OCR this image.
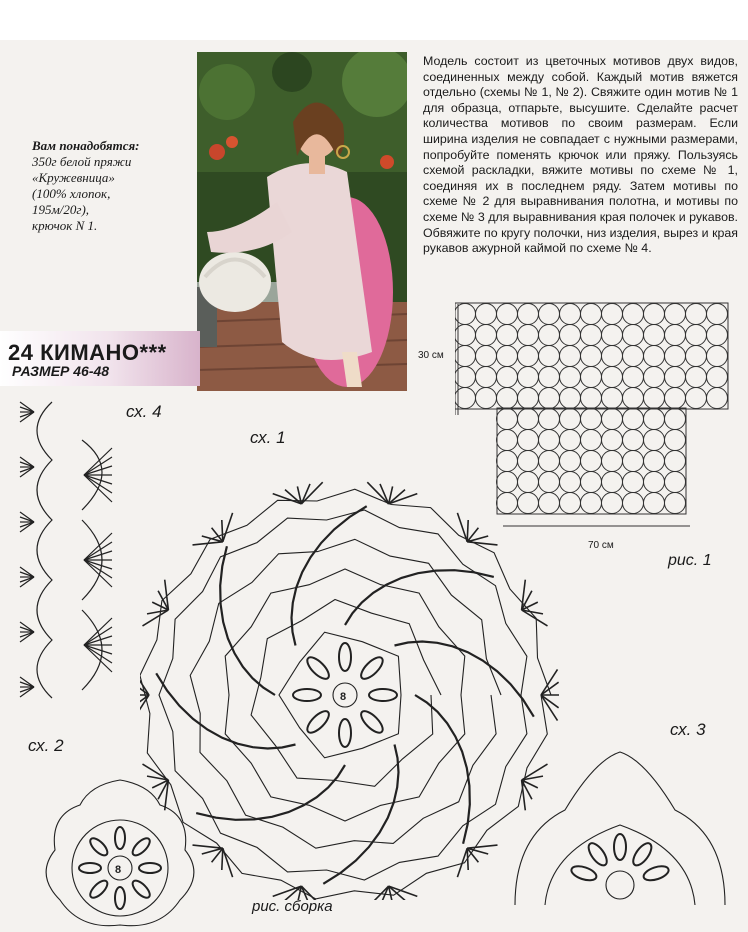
Вам понадобятся:
350г белой пряжи
«Кружевница»
(100% хлопок,
195м/20г),
крючок N 1.
Модель состоит из цветочных мотивов двух видов, соединенных между собой. Каждый мотив вяжется отдельно (схемы № 1, № 2). Свяжите один мотив № 1 для образца, отпарьте, высушите. Сделайте расчет количества мотивов по своим размерам. Если ширина изделия не совпадает с нужными размерами, попробуйте поменять крючок или пряжу. Пользуясь схемой раскладки, вяжите мотивы по схеме № 1, соединяя их в последнем ряду. Затем мотивы по схеме № 2 для выравнивания полотна, и мотивы по схеме № 3 для выравнивания края полочек и рукавов. Обвяжите по кругу полочки, низ изделия, вырез и края рукавов ажурной каймой по схеме № 4.
24 КИМАНО***
РАЗМЕР 46-48
30 см
70 см
рис. 1
сх. 4
сх. 1
сх. 2
сх. 3
рис. сборка
8
8
